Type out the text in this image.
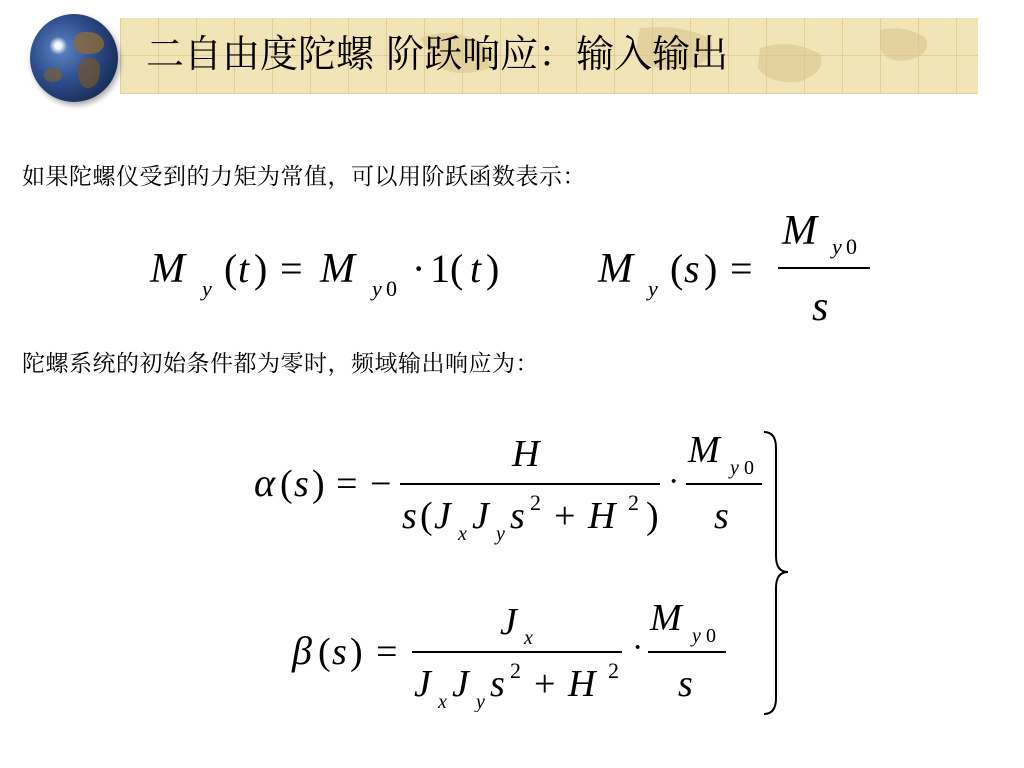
二自由度陀螺 阶跃响应：输入输出
如果陀螺仪受到的力矩为常值，可以用阶跃函数表示：
M y ( t ) = M y 0 · 1( t ) M y ( s ) =
M y 0
s
陀螺系统的初始条件都为零时，频域输出响应为：
α ( s ) = −
H
s ( J x J y s 2 + H 2 )
·
M y 0
s
β ( s ) =
J x
J x J y s 2 + H 2
·
M y 0
s
